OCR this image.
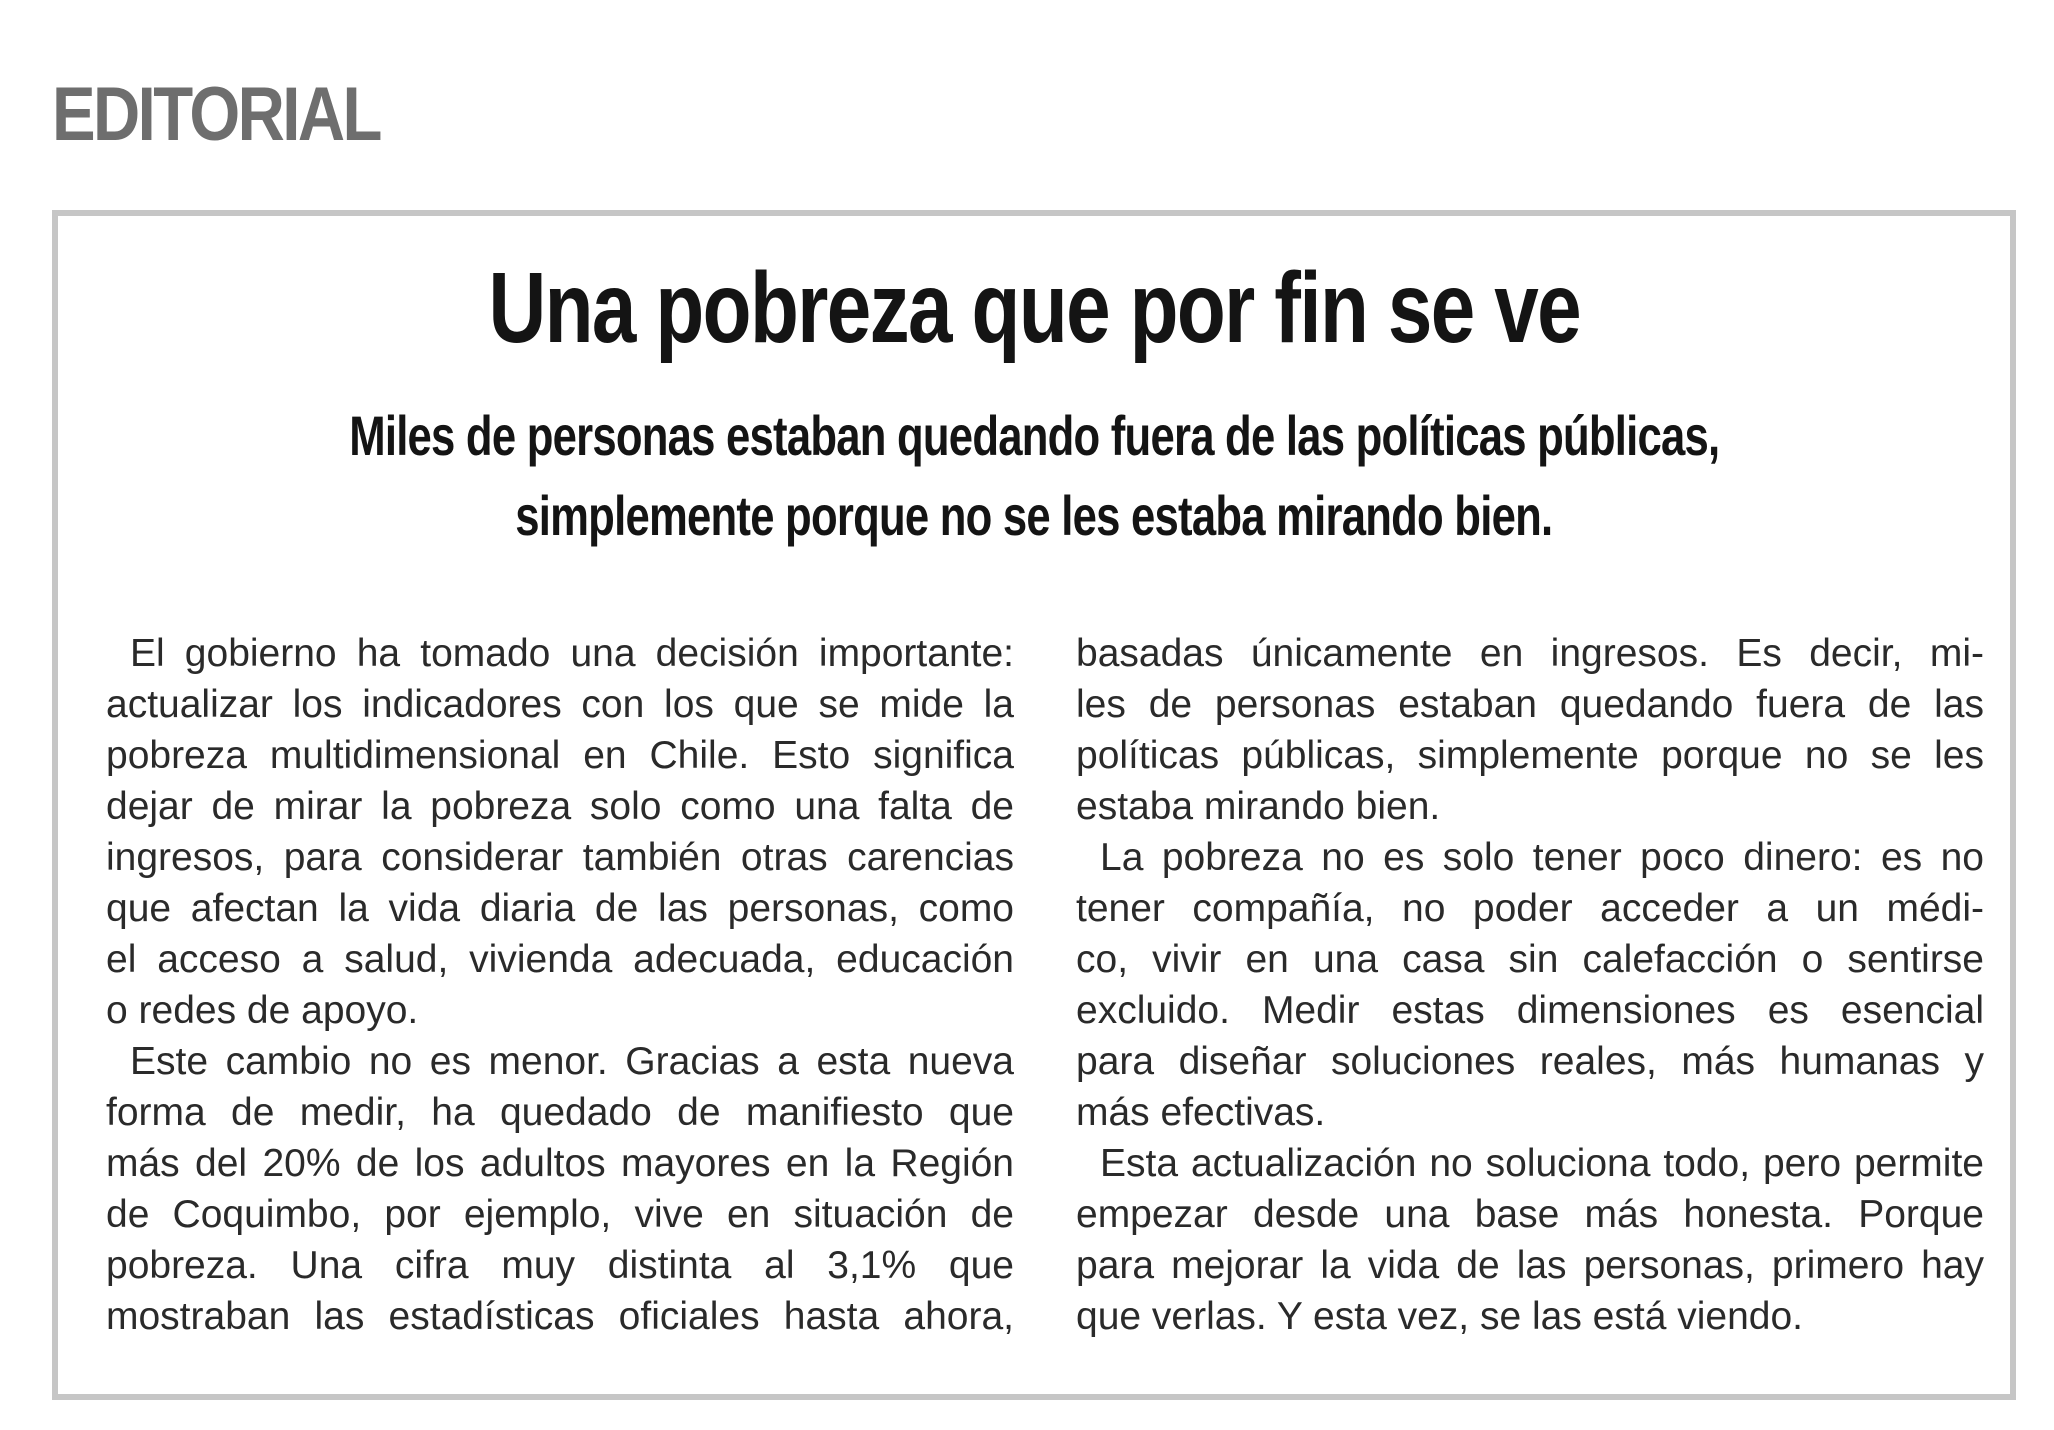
EDITORIAL
Una pobreza que por fin se ve

Miles de personas estaban quedando fuera de las políticas públicas,
simplemente porque no se les estaba mirando bien.

El gobierno ha tomado una decisión importante:
actualizar los indicadores con los que se mide la
pobreza multidimensional en Chile. Esto significa
dejar de mirar la pobreza solo como una falta de
ingresos, para considerar también otras carencias
que afectan la vida diaria de las personas, como
el acceso a salud, vivienda adecuada, educación
o redes de apoyo.
Este cambio no es menor. Gracias a esta nueva
forma de medir, ha quedado de manifiesto que
más del 20% de los adultos mayores en la Región
de Coquimbo, por ejemplo, vive en situación de
pobreza. Una cifra muy distinta al 3,1% que
mostraban las estadísticas oficiales hasta ahora,
basadas únicamente en ingresos. Es decir, mi-
les de personas estaban quedando fuera de las
políticas públicas, simplemente porque no se les
estaba mirando bien.
La pobreza no es solo tener poco dinero: es no
tener compañía, no poder acceder a un médi-
co, vivir en una casa sin calefacción o sentirse
excluido. Medir estas dimensiones es esencial
para diseñar soluciones reales, más humanas y
más efectivas.
Esta actualización no soluciona todo, pero permite
empezar desde una base más honesta. Porque
para mejorar la vida de las personas, primero hay
que verlas. Y esta vez, se las está viendo.
